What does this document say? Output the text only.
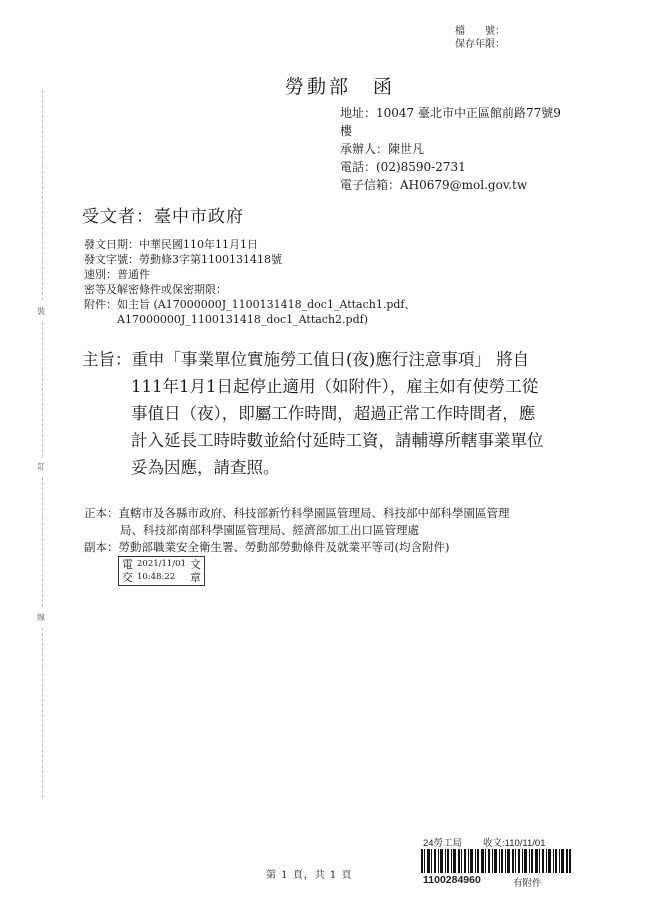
檔　　號：
保存年限：
勞動部　函
地址：10047 臺北市中正區館前路77號9
樓
承辦人：陳世凡
電話：(02)8590-2731
電子信箱：AH0679@mol.gov.tw
受文者：臺中市政府
發文日期：中華民國110年11月1日
發文字號：勞動條3字第1100131418號
速別：普通件
密等及解密條件或保密期限：
附件：如主旨 (A17000000J_1100131418_doc1_Attach1.pdf、
A17000000J_1100131418_doc1_Attach2.pdf)
主旨：重申「事業單位實施勞工值日(夜)應行注意事項」 將自
111年1月1日起停止適用（如附件），雇主如有使勞工從
事值日（夜），即屬工作時間，超過正常工作時間者，應
計入延長工時時數並給付延時工資，請輔導所轄事業單位
妥為因應，請查照。
正本：直轄市及各縣市政府、科技部新竹科學園區管理局、科技部中部科學園區管理
局、科技部南部科學園區管理局、經濟部加工出口區管理處
副本：勞動部職業安全衛生署、勞動部勞動條件及就業平等司(均含附件)
電
交
2021/11/01
10:48:22
文
章
裝
訂
線
第 1 頁，共 1 頁
24勞工局 收文:110/11/01
1100284960	有附件
